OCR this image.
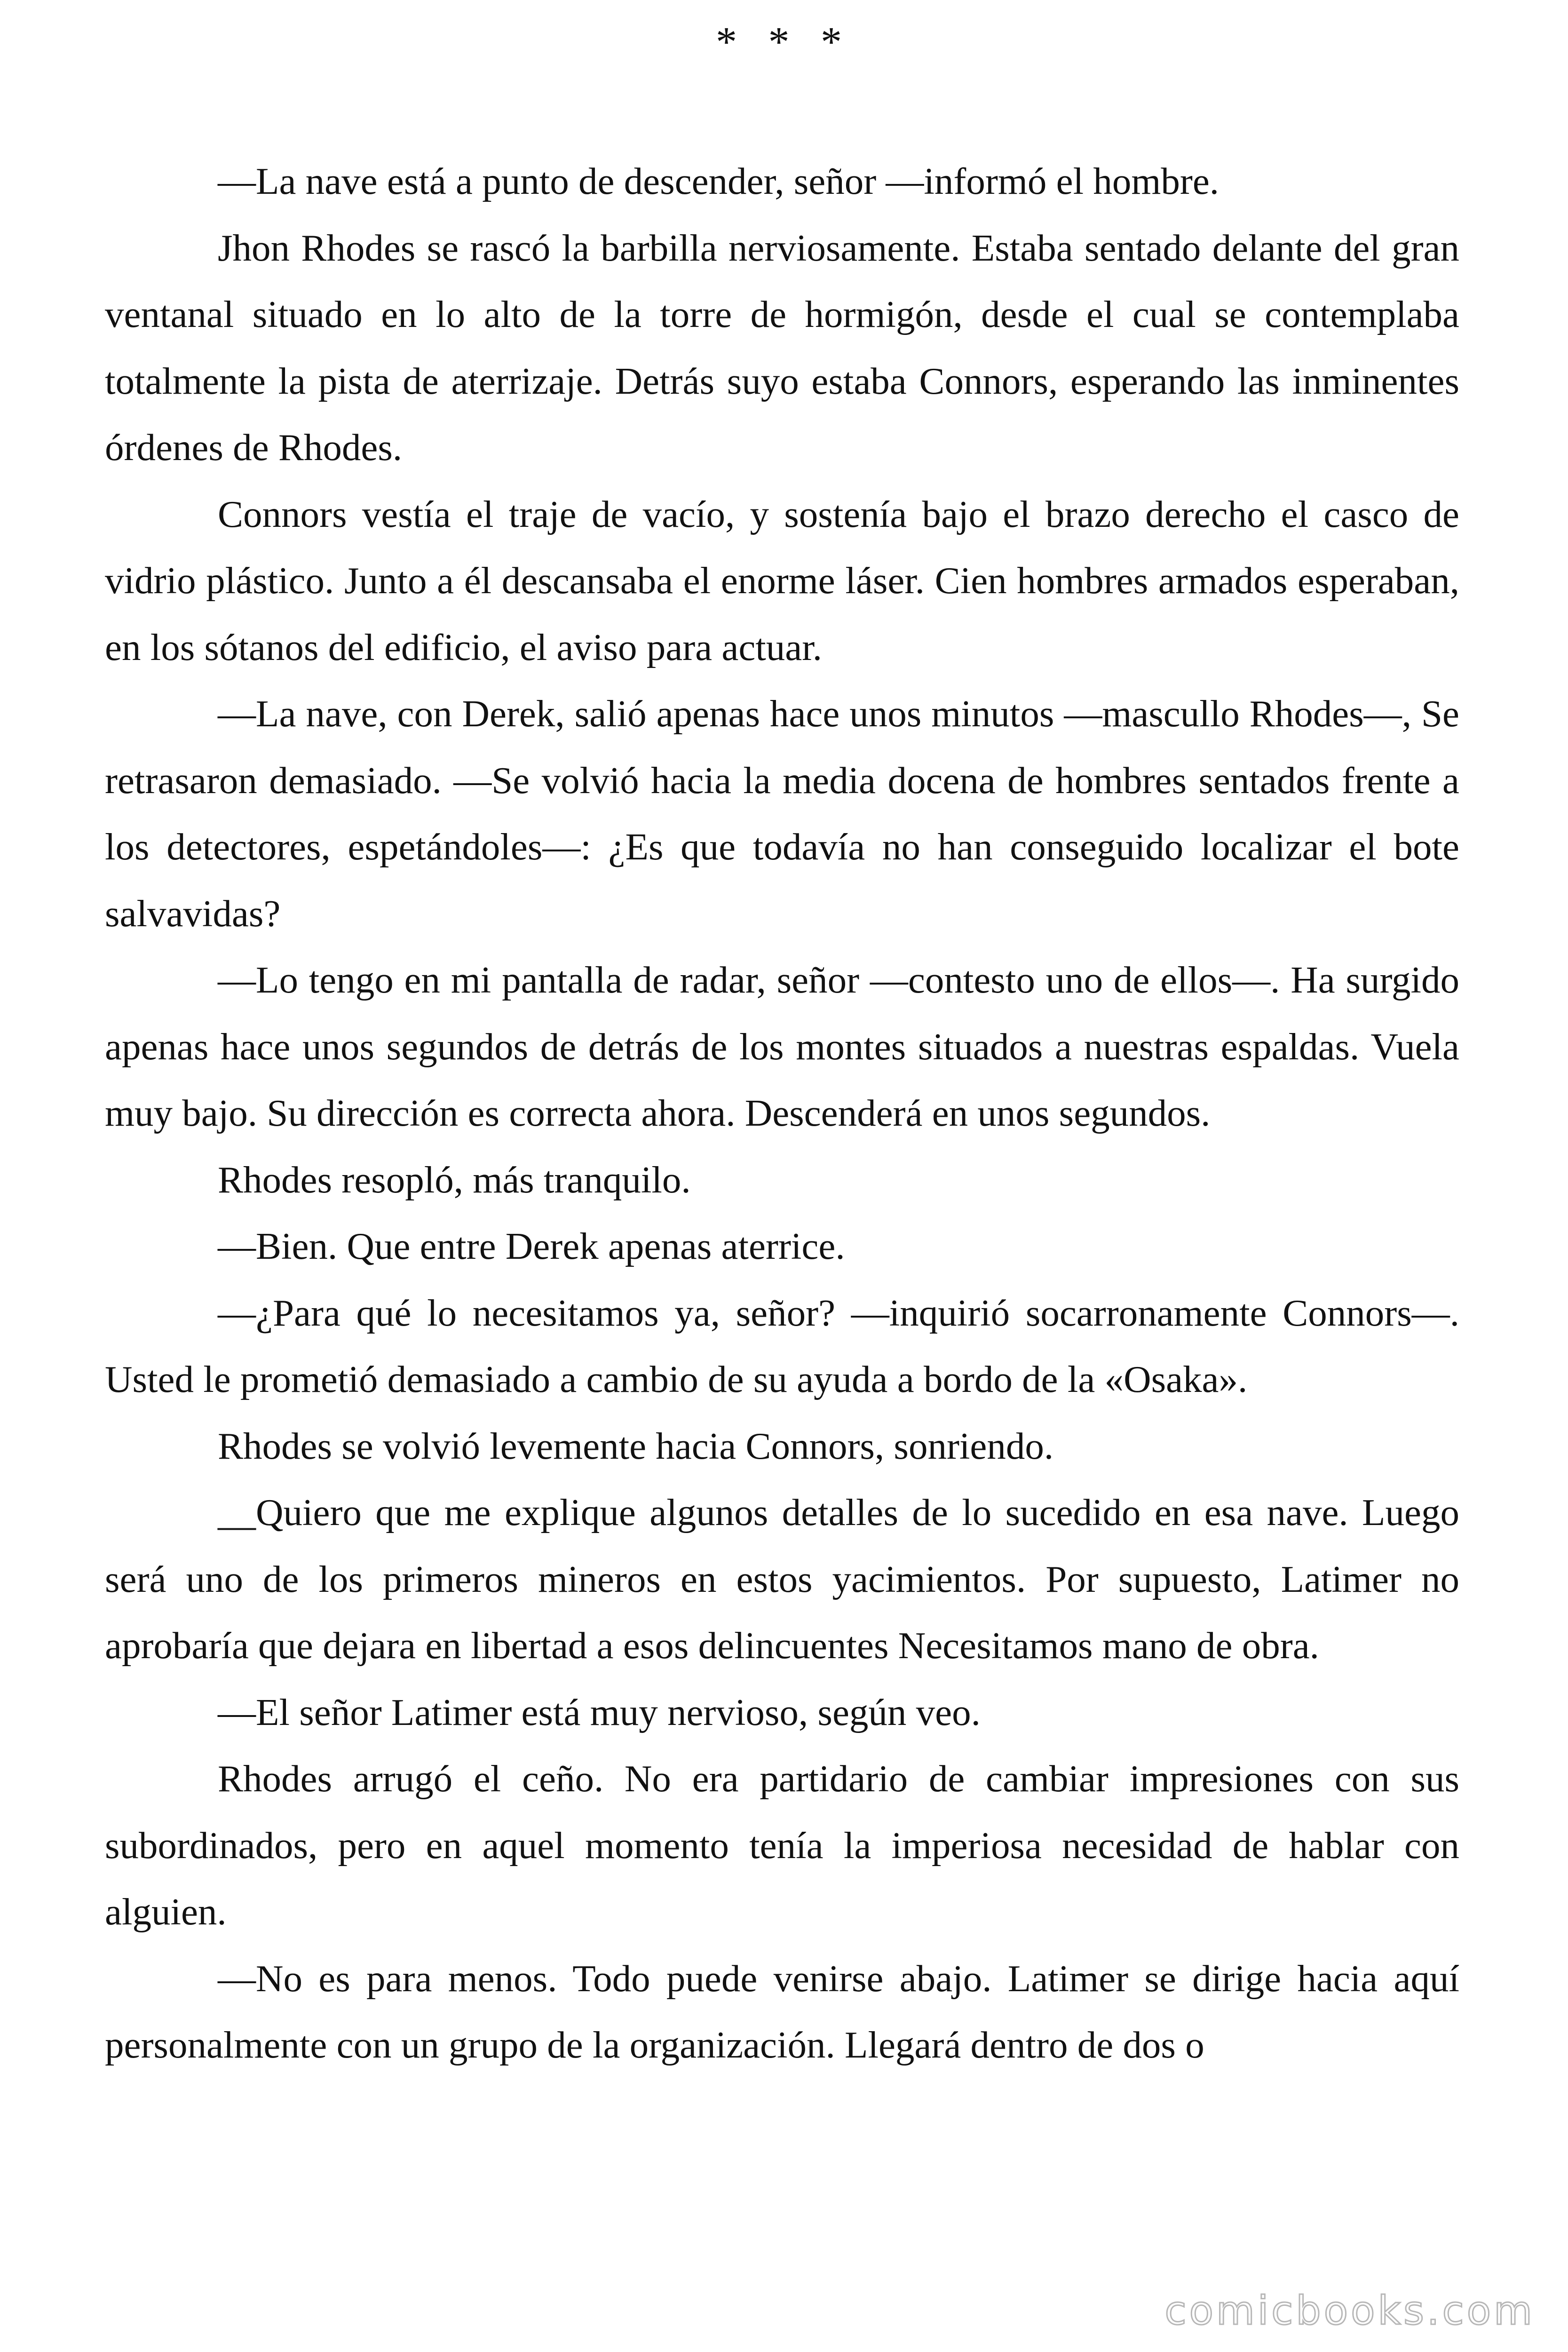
* * *

—La nave está a punto de descender, señor —informó el hombre.

Jhon Rhodes se rascó la barbilla nerviosamente. Estaba sentado delante del gran ventanal situado en lo alto de la torre de hormigón, desde el cual se contemplaba totalmente la pista de aterrizaje. Detrás suyo estaba Connors, esperando las inminentes órdenes de Rhodes.

Connors vestía el traje de vacío, y sostenía bajo el brazo derecho el casco de vidrio plástico. Junto a él descansaba el enorme láser. Cien hombres armados esperaban, en los sótanos del edificio, el aviso para actuar.

—La nave, con Derek, salió apenas hace unos minutos —mascullo Rhodes—, Se retrasaron demasiado. —Se volvió hacia la media docena de hombres sentados frente a los detectores, espetándoles—: ¿Es que todavía no han conseguido localizar el bote salvavidas?

—Lo tengo en mi pantalla de radar, señor —contesto uno de ellos—. Ha surgido apenas hace unos segundos de detrás de los montes situados a nuestras espaldas. Vuela muy bajo. Su dirección es correcta ahora. Descenderá en unos segundos.

Rhodes resopló, más tranquilo.

—Bien. Que entre Derek apenas aterrice.

—¿Para qué lo necesitamos ya, señor? —inquirió socarronamente Connors—. Usted le prometió demasiado a cambio de su ayuda a bordo de la «Osaka».

Rhodes se volvió levemente hacia Connors, sonriendo.

__Quiero que me explique algunos detalles de lo sucedido en esa nave. Luego será uno de los primeros mineros en estos yacimientos. Por supuesto, Latimer no aprobaría que dejara en libertad a esos delincuentes Necesitamos mano de obra.

—El señor Latimer está muy nervioso, según veo.

Rhodes arrugó el ceño. No era partidario de cambiar impresiones con sus subordinados, pero en aquel momento tenía la imperiosa necesidad de hablar con alguien.

—No es para menos. Todo puede venirse abajo. Latimer se dirige hacia aquí personalmente con un grupo de la organización. Llegará dentro de dos o

comicbooks.com
